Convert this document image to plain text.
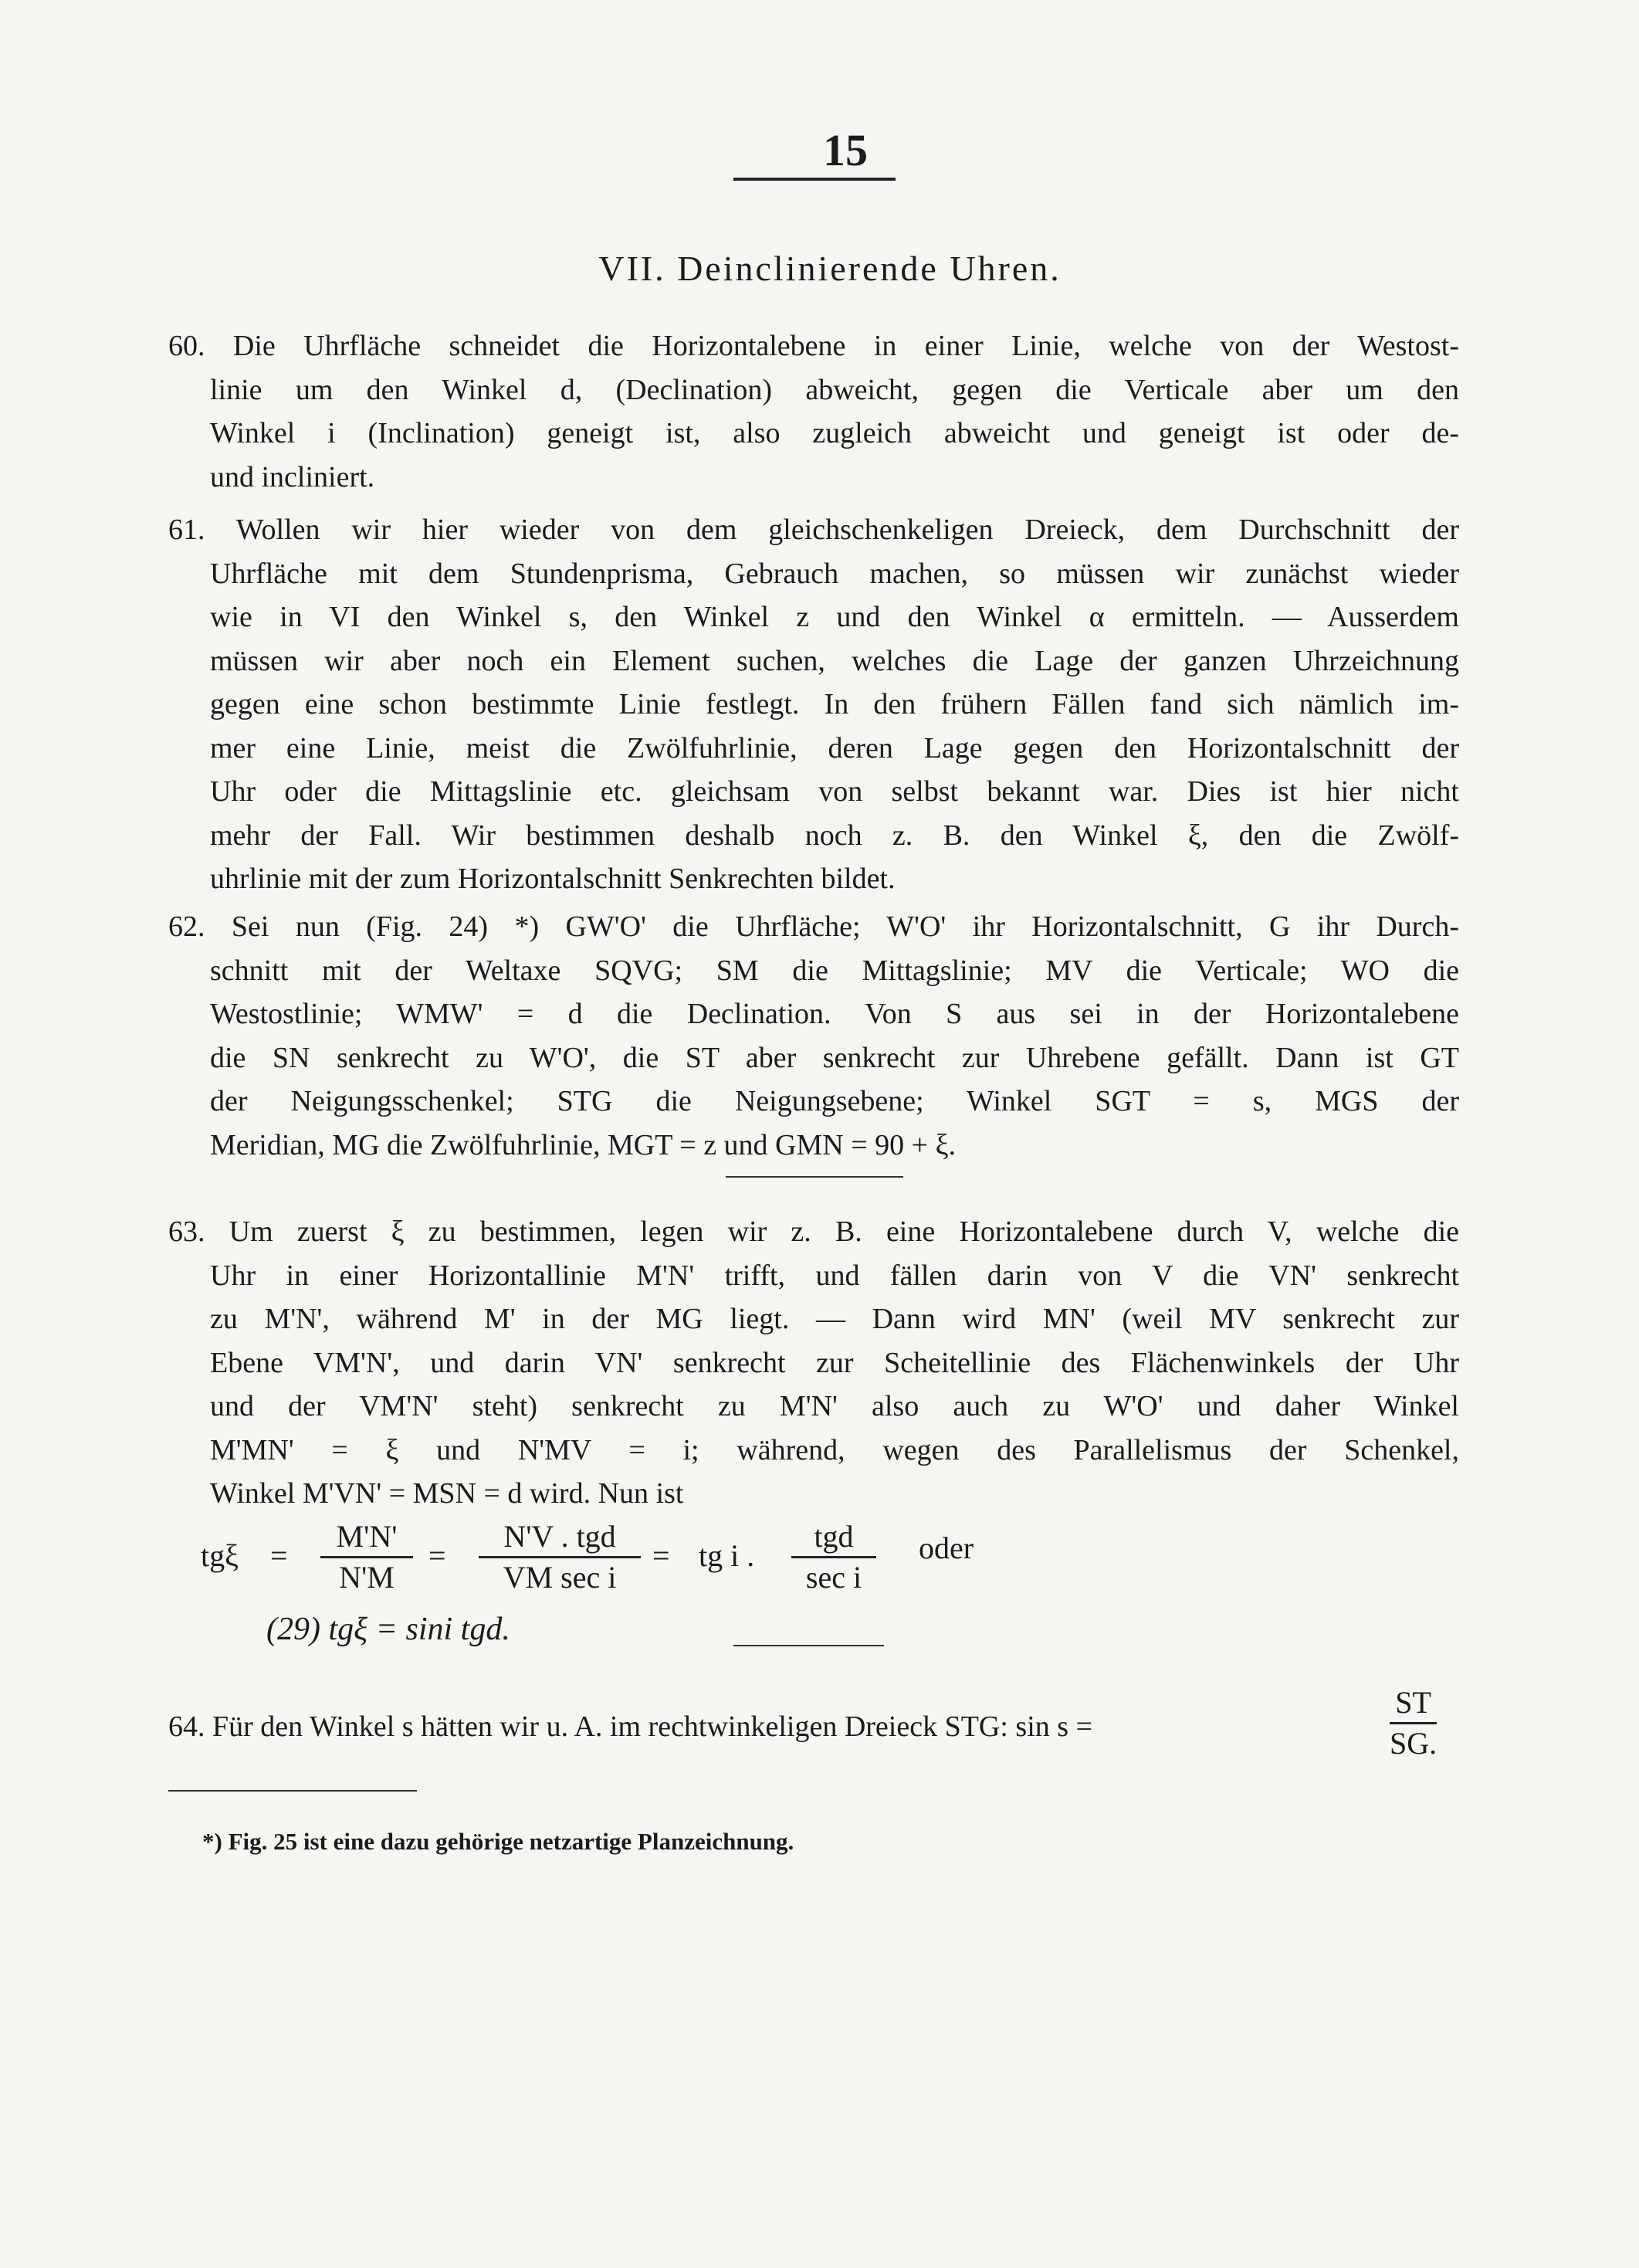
15
VII. Deinclinierende Uhren.
60. Die Uhrfläche schneidet die Horizontalebene in einer Linie, welche von der Westost-
linie um den Winkel d, (Declination) abweicht, gegen die Verticale aber um den
Winkel i (Inclination) geneigt ist, also zugleich abweicht und geneigt ist oder de-
und incliniert.
61. Wollen wir hier wieder von dem gleichschenkeligen Dreieck, dem Durchschnitt der
Uhrfläche mit dem Stundenprisma, Gebrauch machen, so müssen wir zunächst wieder
wie in VI den Winkel s, den Winkel z und den Winkel α ermitteln. — Ausserdem
müssen wir aber noch ein Element suchen, welches die Lage der ganzen Uhrzeichnung
gegen eine schon bestimmte Linie festlegt. In den frühern Fällen fand sich nämlich im-
mer eine Linie, meist die Zwölfuhrlinie, deren Lage gegen den Horizontalschnitt der
Uhr oder die Mittagslinie etc. gleichsam von selbst bekannt war. Dies ist hier nicht
mehr der Fall. Wir bestimmen deshalb noch z. B. den Winkel ξ, den die Zwölf-
uhrlinie mit der zum Horizontalschnitt Senkrechten bildet.
62. Sei nun (Fig. 24) *) GW'O' die Uhrfläche; W'O' ihr Horizontalschnitt, G ihr Durch-
schnitt mit der Weltaxe SQVG; SM die Mittagslinie; MV die Verticale; WO die
Westostlinie; WMW' = d die Declination. Von S aus sei in der Horizontalebene
die SN senkrecht zu W'O', die ST aber senkrecht zur Uhrebene gefällt. Dann ist GT
der Neigungsschenkel; STG die Neigungsebene; Winkel SGT = s, MGS der
Meridian, MG die Zwölfuhrlinie, MGT = z und GMN = 90 + ξ.
63. Um zuerst ξ zu bestimmen, legen wir z. B. eine Horizontalebene durch V, welche die
Uhr in einer Horizontallinie M'N' trifft, und fällen darin von V die VN' senkrecht
zu M'N', während M' in der MG liegt. — Dann wird MN' (weil MV senkrecht zur
Ebene VM'N', und darin VN' senkrecht zur Scheitellinie des Flächenwinkels der Uhr
und der VM'N' steht) senkrecht zu M'N' also auch zu W'O' und daher Winkel
M'MN' = ξ und N'MV = i; während, wegen des Parallelismus der Schenkel,
Winkel M'VN' = MSN = d wird. Nun ist
$tg\xi = \frac{M'N'}{N'M}$ =
N'V . tgd
VM sec i
= tg i .
tgd
sec i
oder
(29) tgξ = sini tgd.
64. Für den Winkel s hätten wir u. A. im rechtwinkeligen Dreieck STG: sin s =	$\frac{ST}{SG.}$
*) Fig. 25 ist eine dazu gehörige netzartige Planzeichnung.
